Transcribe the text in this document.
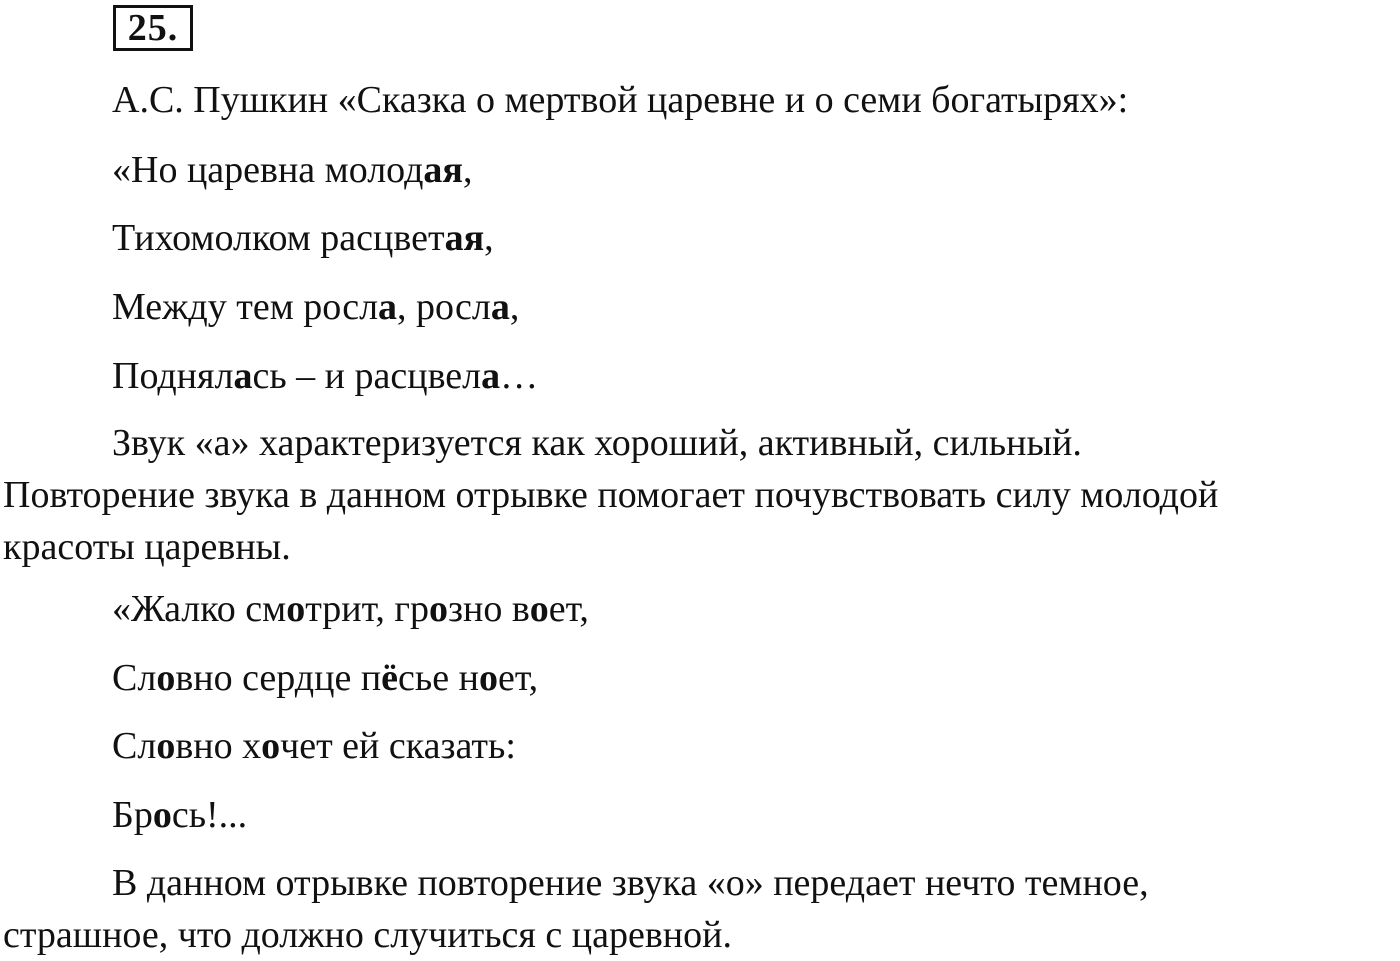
25.
А.С. Пушкин «Сказка о мертвой царевне и о семи богатырях»:
«Но царевна молодая,
Тихомолком расцветая,
Между тем росла, росла,
Поднялась – и расцвела…
Звук «а» характеризуется как хороший, активный, сильный.
Повторение звука в данном отрывке помогает почувствовать силу молодой
красоты царевны.
«Жалко смотрит, грозно воет,
Словно сердце пёсье ноет,
Словно хочет ей сказать:
Брось!...
В данном отрывке повторение звука «о» передает нечто темное,
страшное, что должно случиться с царевной.
